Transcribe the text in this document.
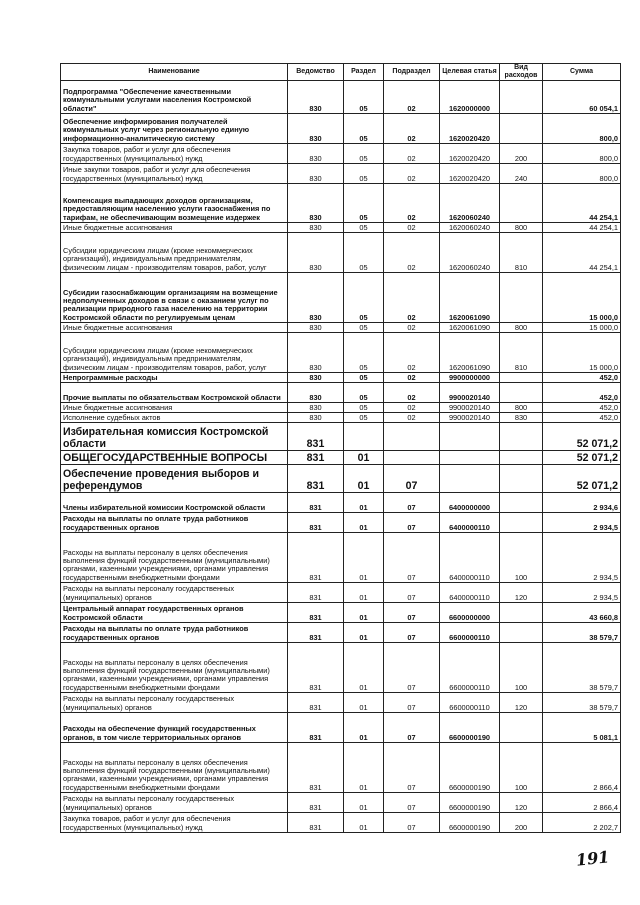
Наименование	Ведомство	Раздел	Подраздел	Целевая статья	Вид расходов	Сумма
Подпрограмма "Обеспечение качественными коммунальными услугами населения Костромской области"	830	05	02	1620000000		60 054,1
Обеспечение информирования получателей коммунальных услуг через региональную единую информационно-аналитическую систему	830	05	02	1620020420		800,0
Закупка товаров, работ и услуг для обеспечения государственных (муниципальных) нужд	830	05	02	1620020420	200	800,0
Иные закупки товаров, работ и услуг для обеспечения государственных (муниципальных) нужд	830	05	02	1620020420	240	800,0
Компенсация выпадающих доходов организациям, предоставляющим населению услуги газоснабжения по тарифам, не обеспечивающим возмещение издержек	830	05	02	1620060240		44 254,1
Иные бюджетные ассигнования	830	05	02	1620060240	800	44 254,1
Субсидии юридическим лицам (кроме некоммерческих организаций), индивидуальным предпринимателям, физическим лицам - производителям товаров, работ, услуг	830	05	02	1620060240	810	44 254,1
Субсидии газоснабжающим организациям на возмещение недополученных доходов в связи с оказанием услуг по реализации природного газа населению на территории Костромской области по регулируемым ценам	830	05	02	1620061090		15 000,0
Иные бюджетные ассигнования	830	05	02	1620061090	800	15 000,0
Субсидии юридическим лицам (кроме некоммерческих организаций), индивидуальным предпринимателям, физическим лицам - производителям товаров, работ, услуг	830	05	02	1620061090	810	15 000,0
Непрограммные расходы	830	05	02	9900000000		452,0
Прочие выплаты по обязательствам Костромской области	830	05	02	9900020140		452,0
Иные бюджетные ассигнования	830	05	02	9900020140	800	452,0
Исполнение судебных актов	830	05	02	9900020140	830	452,0
Избирательная комиссия Костромской области	831					52 071,2
ОБЩЕГОСУДАРСТВЕННЫЕ ВОПРОСЫ	831	01				52 071,2
Обеспечение проведения выборов и референдумов	831	01	07			52 071,2
Члены избирательной комиссии Костромской области	831	01	07	6400000000		2 934,6
Расходы на выплаты по оплате труда работников государственных органов	831	01	07	6400000110		2 934,5
Расходы на выплаты персоналу в целях обеспечения выполнения функций государственными (муниципальными) органами, казенными учреждениями, органами управления государственными внебюджетными фондами	831	01	07	6400000110	100	2 934,5
Расходы на выплаты персоналу государственных (муниципальных) органов	831	01	07	6400000110	120	2 934,5
Центральный аппарат государственных органов Костромской области	831	01	07	6600000000		43 660,8
Расходы на выплаты по оплате труда работников государственных органов	831	01	07	6600000110		38 579,7
Расходы на выплаты персоналу в целях обеспечения выполнения функций государственными (муниципальными) органами, казенными учреждениями, органами управления государственными внебюджетными фондами	831	01	07	6600000110	100	38 579,7
Расходы на выплаты персоналу государственных (муниципальных) органов	831	01	07	6600000110	120	38 579,7
Расходы на обеспечение функций государственных органов, в том числе территориальных органов	831	01	07	6600000190		5 081,1
Расходы на выплаты персоналу в целях обеспечения выполнения функций государственными (муниципальными) органами, казенными учреждениями, органами управления государственными внебюджетными фондами	831	01	07	6600000190	100	2 866,4
Расходы на выплаты персоналу государственных (муниципальных) органов	831	01	07	6600000190	120	2 866,4
Закупка товаров, работ и услуг для обеспечения государственных (муниципальных) нужд	831	01	07	6600000190	200	2 202,7
191
